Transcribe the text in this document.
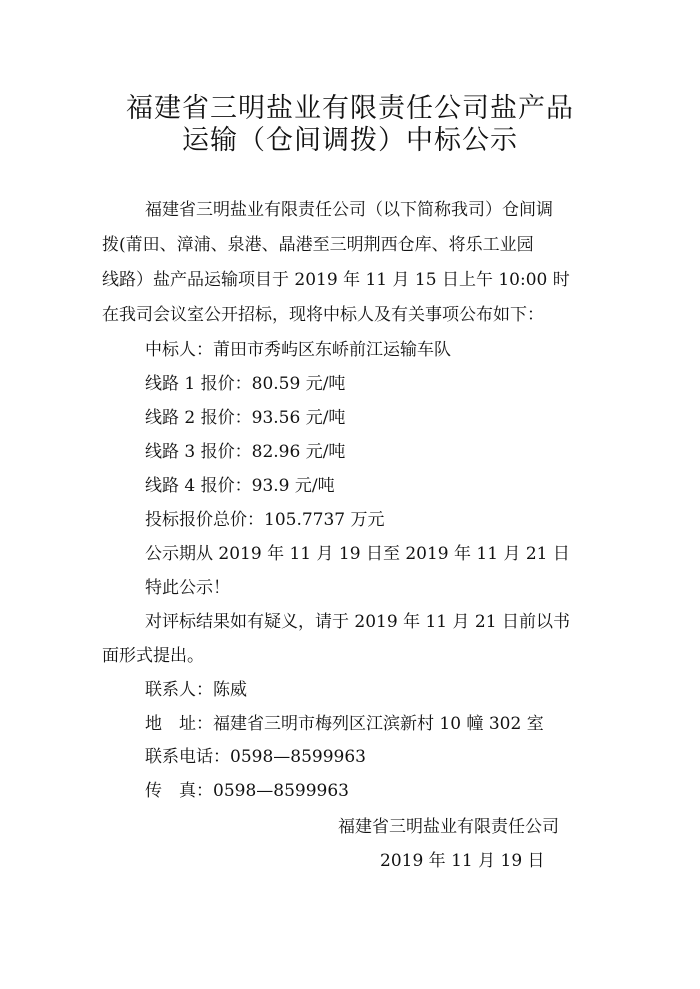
福建省三明盐业有限责任公司盐产品
运输（仓间调拨）中标公示
福建省三明盐业有限责任公司（以下简称我司）仓间调
拨(莆田、漳浦、泉港、晶港至三明荆西仓库、将乐工业园
线路）盐产品运输项目于 2019 年 11 月 15 日上午 10:00 时
在我司会议室公开招标，现将中标人及有关事项公布如下：
中标人：莆田市秀屿区东峤前江运输车队
线路 1 报价：80.59 元/吨
线路 2 报价：93.56 元/吨
线路 3 报价：82.96 元/吨
线路 4 报价：93.9 元/吨
投标报价总价：105.7737 万元
公示期从 2019 年 11 月 19 日至 2019 年 11 月 21 日
特此公示！
对评标结果如有疑义，请于 2019 年 11 月 21 日前以书
面形式提出。
联系人：陈威
地　址：福建省三明市梅列区江滨新村 10 幢 302 室
联系电话：0598—8599963
传　真：0598—8599963
福建省三明盐业有限责任公司
2019 年 11 月 19 日
